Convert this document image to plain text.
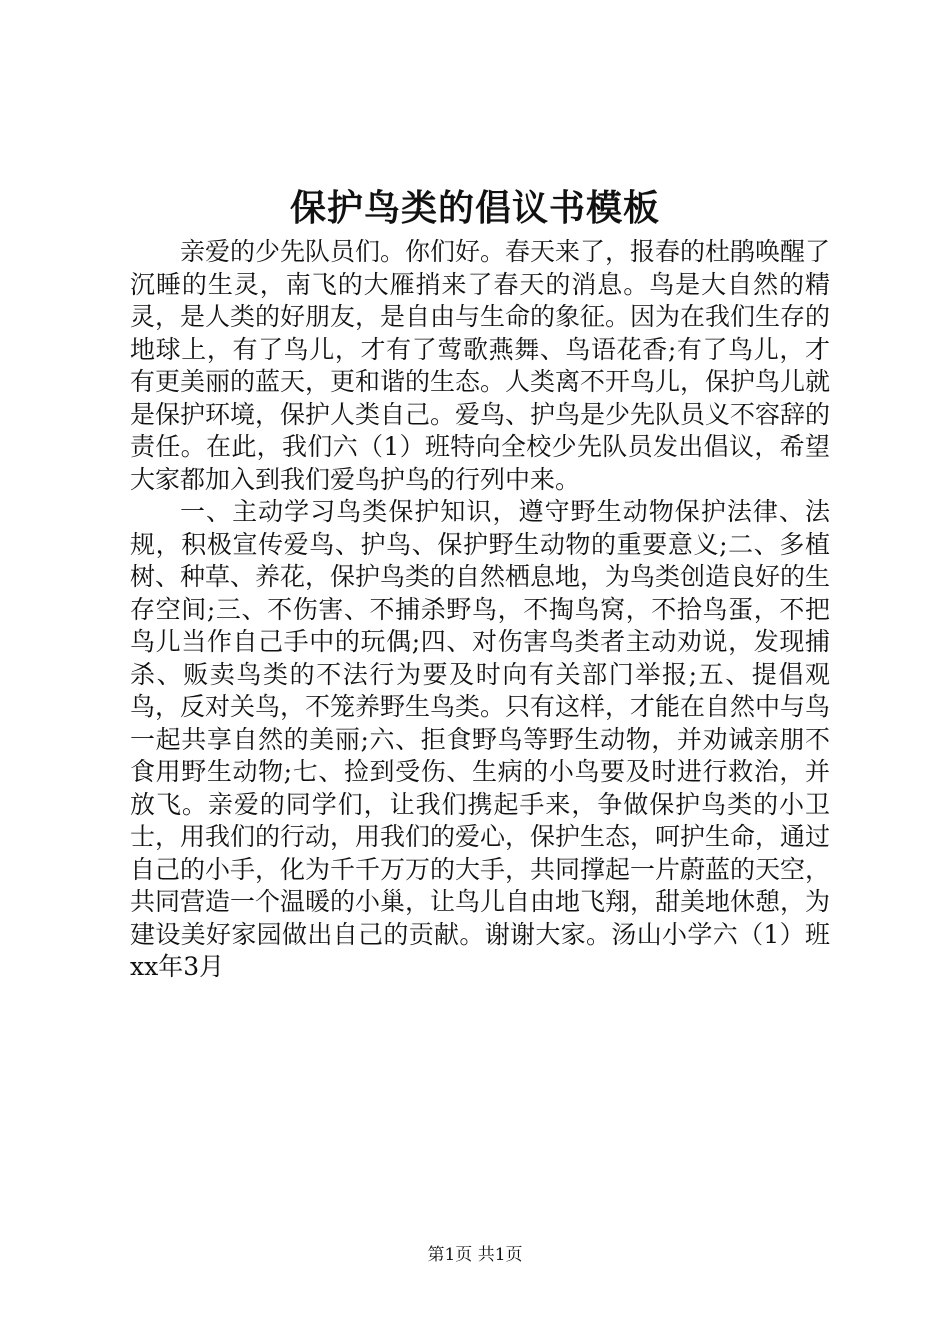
保护鸟类的倡议书模板

亲爱的少先队员们。你们好。春天来了，报春的杜鹃唤醒了沉睡的生灵，南飞的大雁捎来了春天的消息。鸟是大自然的精灵，是人类的好朋友，是自由与生命的象征。因为在我们生存的地球上，有了鸟儿，才有了莺歌燕舞、鸟语花香;有了鸟儿，才有更美丽的蓝天，更和谐的生态。人类离不开鸟儿，保护鸟儿就是保护环境，保护人类自己。爱鸟、护鸟是少先队员义不容辞的责任。在此，我们六（1）班特向全校少先队员发出倡议，希望大家都加入到我们爱鸟护鸟的行列中来。

一、主动学习鸟类保护知识，遵守野生动物保护法律、法规，积极宣传爱鸟、护鸟、保护野生动物的重要意义;二、多植树、种草、养花，保护鸟类的自然栖息地，为鸟类创造良好的生存空间;三、不伤害、不捕杀野鸟，不掏鸟窝，不拾鸟蛋，不把鸟儿当作自己手中的玩偶;四、对伤害鸟类者主动劝说，发现捕杀、贩卖鸟类的不法行为要及时向有关部门举报;五、提倡观鸟，反对关鸟，不笼养野生鸟类。只有这样，才能在自然中与鸟一起共享自然的美丽;六、拒食野鸟等野生动物，并劝诫亲朋不食用野生动物;七、捡到受伤、生病的小鸟要及时进行救治，并放飞。亲爱的同学们，让我们携起手来，争做保护鸟类的小卫士，用我们的行动，用我们的爱心，保护生态，呵护生命，通过自己的小手，化为千千万万的大手，共同撑起一片蔚蓝的天空，共同营造一个温暖的小巢，让鸟儿自由地飞翔，甜美地休憩，为建设美好家园做出自己的贡献。谢谢大家。汤山小学六（1）班xx年3月

第1页 共1页
